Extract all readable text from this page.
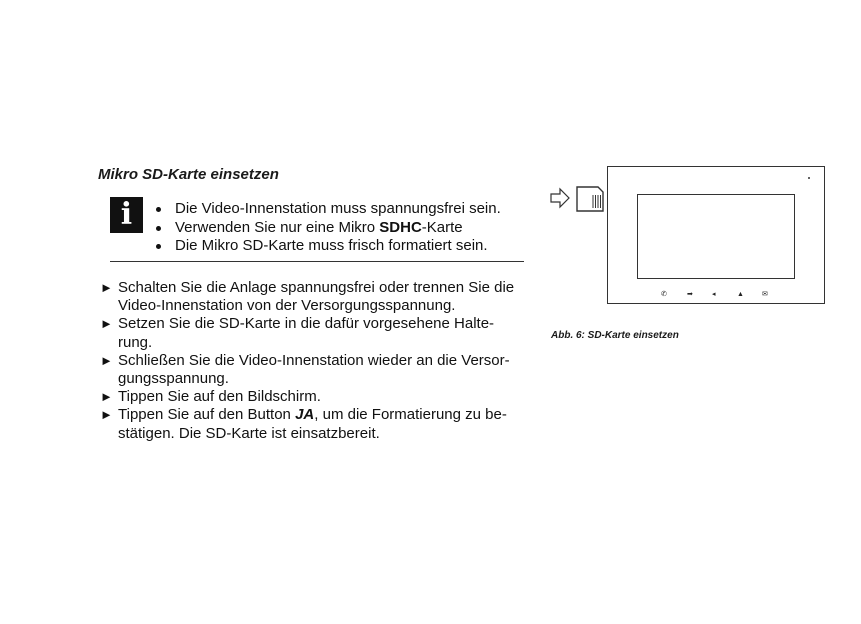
Mikro SD-Karte einsetzen
i	Die Video-Innenstation muss spannungsfrei sein.
Verwenden Sie nur eine Mikro SDHC-Karte
Die Mikro SD-Karte muss frisch formatiert sein.
► Schalten Sie die Anlage spannungsfrei oder trennen Sie die
Video-Innenstation von der Versorgungsspannung.
► Setzen Sie die SD-Karte in die dafür vorgesehene Halte-
rung.
► Schließen Sie die Video-Innenstation wieder an die Versor-
gungsspannung.
► Tippen Sie auf den Bildschirm.
► Tippen Sie auf den Button JA, um die Formatierung zu be-
stätigen. Die SD-Karte ist einsatzbereit.
✆	➡	◂	▲	✉
Abb. 6: SD-Karte einsetzen
